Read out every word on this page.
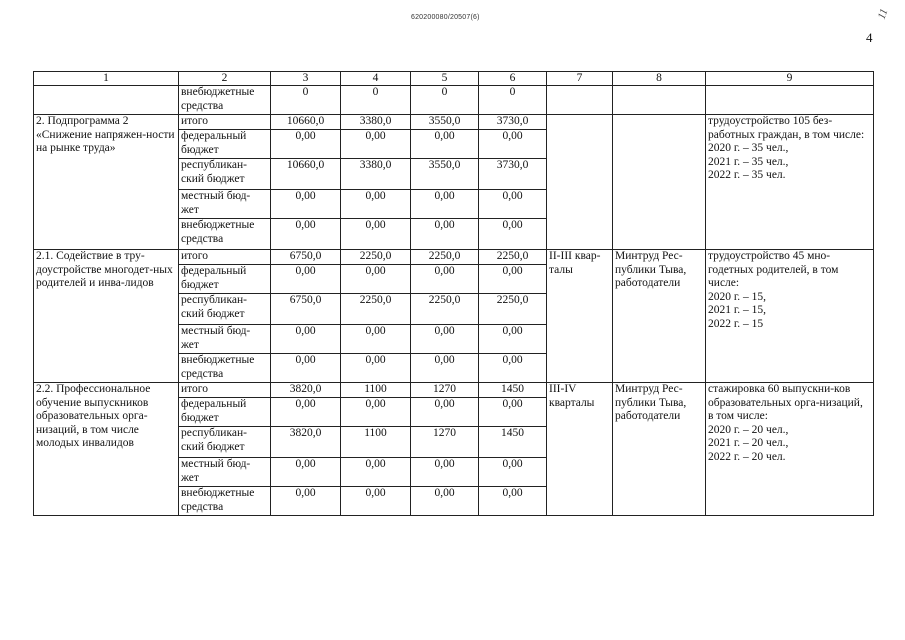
620200080/20507(6)	11
4
1	2	3	4	5	6	7	8	9
	внебюджетные средства	0	0	0	0			
2. Подпрограмма 2 «Снижение напряжен-ности на рынке труда»	итого	10660,0	3380,0	3550,0	3730,0			трудоустройство 105 без-работных граждан, в том числе:
2020 г. – 35 чел.,
2021 г. – 35 чел.,
2022 г. – 35 чел.

	федеральный бюджет	0,00	0,00	0,00	0,00			
	республикан-ский бюджет	10660,0	3380,0	3550,0	3730,0			
	местный бюд-жет	0,00	0,00	0,00	0,00			
	внебюджетные средства	0,00	0,00	0,00	0,00			
2.1. Содействие в тру-доустройстве многодет-ных родителей и инва-лидов	итого	6750,0	2250,0	2250,0	2250,0	II-III квар-талы	Минтруд Рес-публики Тыва, работодатели	трудоустройство 45 мно-годетных родителей, в том числе:
2020 г. – 15,
2021 г. – 15,
2022 г. – 15

	федеральный бюджет	0,00	0,00	0,00	0,00			
	республикан-ский бюджет	6750,0	2250,0	2250,0	2250,0			
	местный бюд-жет	0,00	0,00	0,00	0,00			
	внебюджетные средства	0,00	0,00	0,00	0,00			
2.2. Профессиональное обучение выпускников образовательных орга-низаций, в том числе молодых инвалидов	итого	3820,0	1100	1270	1450	III-IV кварталы	Минтруд Рес-публики Тыва, работодатели	стажировка 60 выпускни-ков образовательных орга-низаций, в том числе:
2020 г. – 20 чел.,
2021 г. – 20 чел.,
2022 г. – 20 чел.

	федеральный бюджет	0,00	0,00	0,00	0,00			
	республикан-ский бюджет	3820,0	1100	1270	1450			
	местный бюд-жет	0,00	0,00	0,00	0,00			
	внебюджетные средства	0,00	0,00	0,00	0,00			
